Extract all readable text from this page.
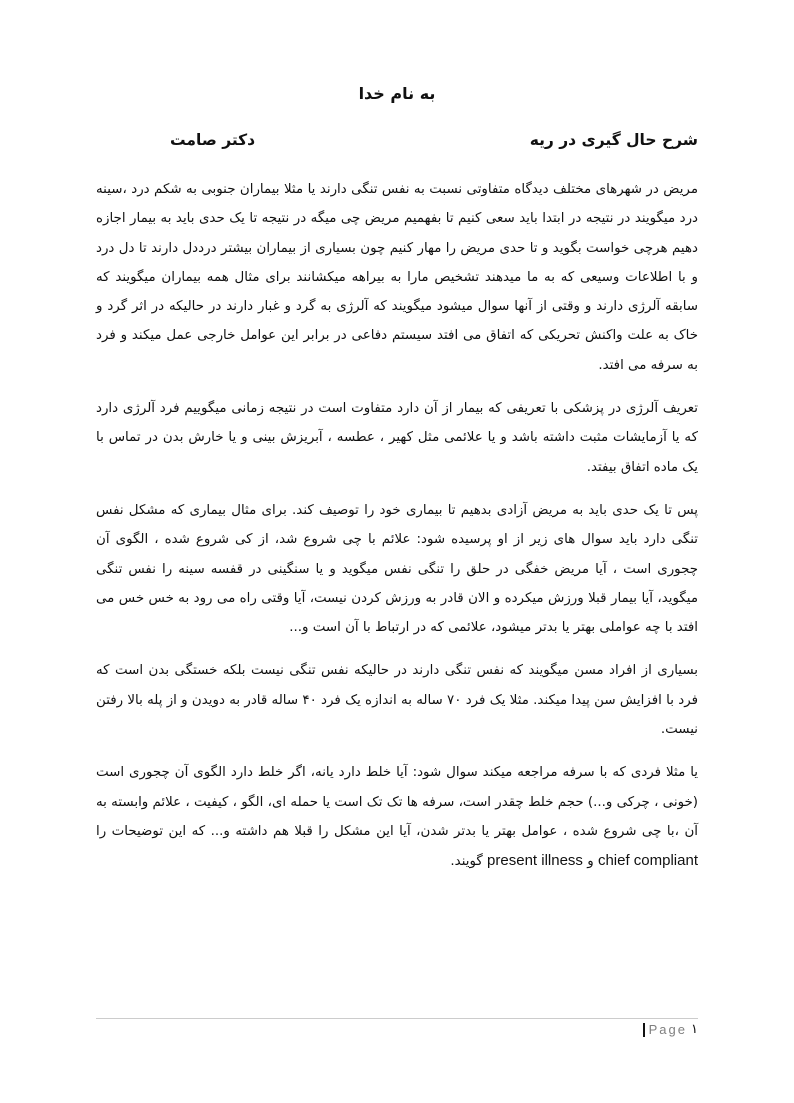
به نام خدا
شرح حال گیری در ریه
دکتر صامت

مریض در شهرهای مختلف دیدگاه متفاوتی نسبت به نفس تنگی دارند یا مثلا بیماران جنوبی به شکم درد ،سینه درد میگویند در نتیجه در ابتدا باید سعی کنیم تا بفهمیم مریض چی میگه در نتیجه تا یک حدی باید به بیمار اجازه دهیم هرچی خواست بگوید و تا حدی مریض را مهار کنیم چون بسیاری از بیماران بیشتر درددل دارند تا دل درد و با اطلاعات وسیعی که به ما میدهند تشخیص مارا به بیراهه میکشانند برای مثال همه بیماران میگویند که سابقه آلرژی دارند و وقتی از آنها سوال میشود میگویند که آلرژی به گرد و غبار دارند در حالیکه در اثر گرد و خاک به علت واکنش تحریکی که اتفاق می افتد سیستم دفاعی در برابر این عوامل خارجی عمل میکند و فرد به سرفه می افتد.

تعریف آلرژی در پزشکی با تعریفی که بیمار از آن دارد متفاوت است در نتیجه زمانی میگوییم فرد آلرژی دارد که یا آزمایشات مثبت داشته باشد و یا علائمی مثل کهیر ، عطسه ، آبریزش بینی و یا خارش بدن در تماس با یک ماده اتفاق بیفتد.

پس تا یک حدی باید به مریض آزادی بدهیم تا بیماری خود را توصیف کند. برای مثال بیماری که مشکل نفس تنگی دارد باید سوال های زیر از او پرسیده شود: علائم با چی شروع شد، از کی شروع شده ، الگوی آن چجوری است ، آیا مریض خفگی در حلق را تنگی نفس میگوید و یا سنگینی در قفسه سینه را نفس تنگی میگوید، آیا بیمار قبلا ورزش میکرده و الان قادر به ورزش کردن نیست، آیا وقتی راه می رود به خس خس می افتد با چه عواملی بهتر یا بدتر میشود، علائمی که در ارتباط با آن است و...

بسیاری از افراد مسن میگویند که نفس تنگی دارند در حالیکه نفس تنگی نیست بلکه خستگی بدن است که فرد با افزایش سن پیدا میکند. مثلا یک فرد ۷۰ ساله به اندازه یک فرد ۴۰ ساله قادر به دویدن و از پله بالا رفتن نیست.

یا مثلا فردی که با سرفه مراجعه میکند سوال شود: آیا خلط دارد یانه، اگر خلط دارد الگوی آن چجوری است (خونی ، چرکی و...) حجم خلط چقدر است، سرفه ها تک تک است یا حمله ای، الگو ، کیفیت ، علائم وابسته به آن ،با چی شروع شده ، عوامل بهتر یا بدتر شدن، آیا این مشکل را قبلا هم داشته و... که این توضیحات را chief compliant و present illness گویند.

Page ۱
